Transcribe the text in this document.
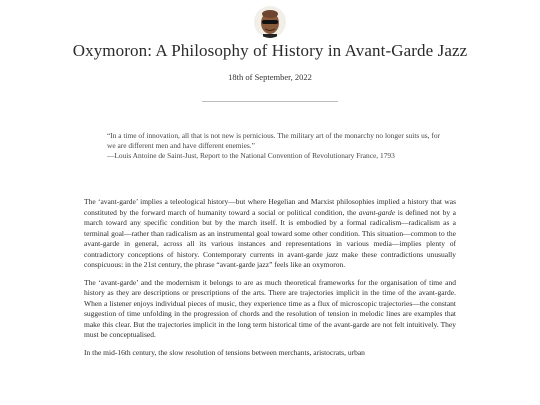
Oxymoron: A Philosophy of History in Avant-Garde Jazz
18th of September, 2022

“In a time of innovation, all that is not new is pernicious. The military art of the monarchy no longer suits us, for we are different men and have different enemies.”

—Louis Antoine de Saint-Just, Report to the National Convention of Revolutionary France, 1793

The ‘avant-garde’ implies a teleological history—but where Hegelian and Marxist philosophies implied a history that was constituted by the forward march of humanity toward a social or political condition, the avant-garde is defined not by a march toward any specific condition but by the march itself. It is embodied by a formal radicalism—radicalism as a terminal goal—rather than radicalism as an instrumental goal toward some other condition. This situation—common to the avant-garde in general, across all its various instances and representations in various media—implies plenty of contradictory conceptions of history. Contemporary currents in avant-garde jazz make these contradictions unusually conspicuous: in the 21st century, the phrase “avant-garde jazz” feels like an oxymoron.

The ‘avant-garde’ and the modernism it belongs to are as much theoretical frameworks for the organisation of time and history as they are descriptions or prescriptions of the arts. There are trajectories implicit in the time of the avant-garde. When a listener enjoys individual pieces of music, they experience time as a flux of microscopic trajectories—the constant suggestion of time unfolding in the progression of chords and the resolution of tension in melodic lines are examples that make this clear. But the trajectories implicit in the long term historical time of the avant-garde are not felt intuitively. They must be conceptualised.

In the mid-16th century, the slow resolution of tensions between merchants, aristocrats, urban
